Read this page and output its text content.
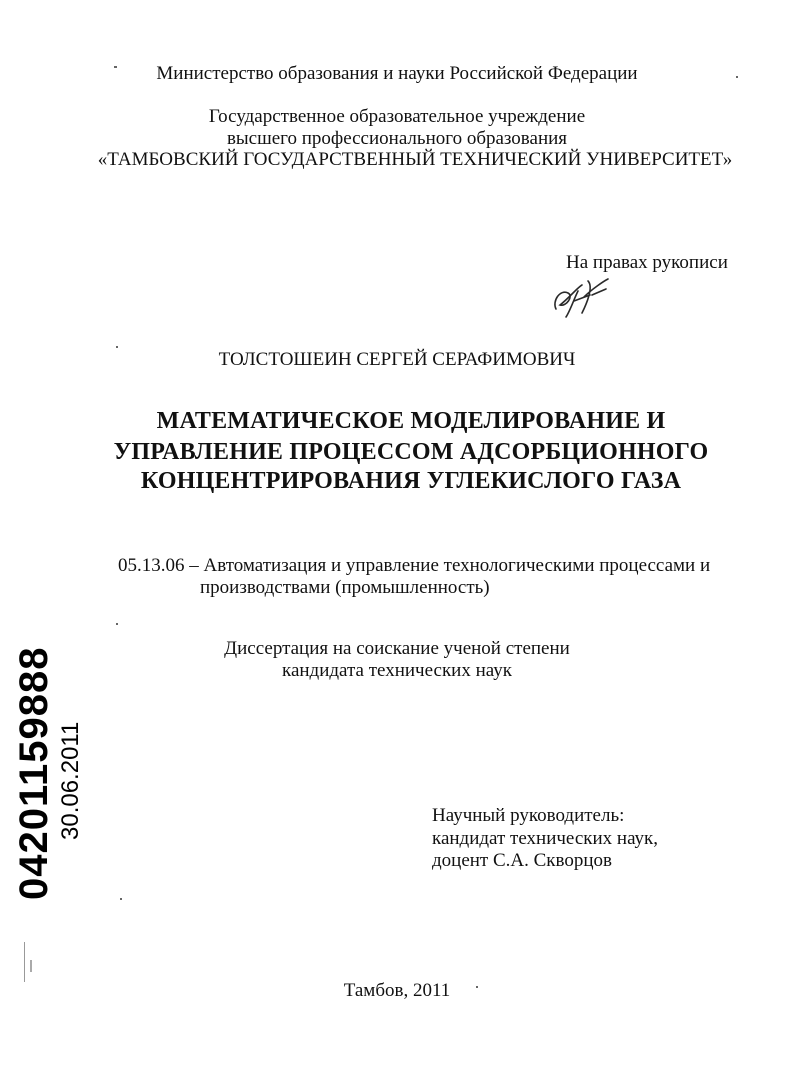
Министерство образования и науки Российской Федерации
Государственное образовательное учреждение
высшего профессионального образования
«ТАМБОВСКИЙ ГОСУДАРСТВЕННЫЙ ТЕХНИЧЕСКИЙ УНИВЕРСИТЕТ»
На правах рукописи
ТОЛСТОШЕИН СЕРГЕЙ СЕРАФИМОВИЧ
МАТЕМАТИЧЕСКОЕ МОДЕЛИРОВАНИЕ И
УПРАВЛЕНИЕ ПРОЦЕССОМ АДСОРБЦИОННОГО
КОНЦЕНТРИРОВАНИЯ УГЛЕКИСЛОГО ГАЗА
05.13.06 – Автоматизация и управление технологическими процессами и
производствами (промышленность)
Диссертация на соискание ученой степени
кандидата технических наук
Научный руководитель:
кандидат технических наук,
доцент С.А. Скворцов
Тамбов, 2011
04201159888 30.06.2011
